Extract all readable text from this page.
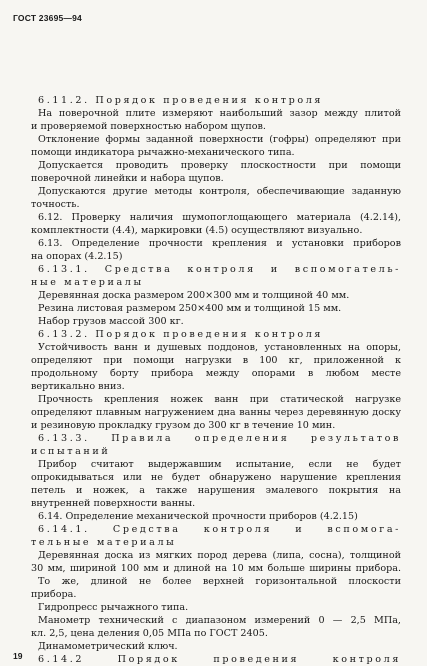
ГОСТ 23695—94
6.11.2. Порядок проведения контроля
На поверочной плите измеряют наибольший зазор между плитой
и проверяемой поверхностью набором щупов.
Отклонение формы заданной поверхности (гофры) определяют при
помощи индикатора рычажно-механического типа.
Допускается проводить проверку плоскостности при помощи
поверочной линейки и набора щупов.
Допускаются другие методы контроля, обеспечивающие заданную
точность.
6.12. Проверку наличия шумопоглощающего материала (4.2.14),
комплектности (4.4), маркировки (4.5) осуществляют визуально.
6.13. Определение прочности крепления и установки приборов
на опорах (4.2.15)
6.13.1. Средства контроля и вспомогатель-
ные материалы
Деревянная доска размером 200×300 мм и толщиной 40 мм.
Резина листовая размером 250×400 мм и толщиной 15 мм.
Набор грузов массой 300 кг.
6.13.2. Порядок проведения контроля
Устойчивость ванн и душевых поддонов, установленных на опоры,
определяют при помощи нагрузки в 100 кг, приложенной к
продольному борту прибора между опорами в любом месте
вертикально вниз.
Прочность крепления ножек ванн при статической нагрузке
определяют плавным нагружением дна ванны через деревянную доску
и резиновую прокладку грузом до 300 кг в течение 10 мин.
6.13.3. Правила определения результатов
испытаний
Прибор считают выдержавшим испытание, если не будет
опрокидываться или не будет обнаружено нарушение крепления
петель и ножек, а также нарушения эмалевого покрытия на
внутренней поверхности ванны.
6.14. Определение механической прочности приборов (4.2.15)
6.14.1. Средства контроля и вспомога-
тельные материалы
Деревянная доска из мягких пород дерева (липа, сосна), толщиной
30 мм, шириной 100 мм и длиной на 10 мм больше ширины прибора.
То же, длиной не более верхней горизонтальной плоскости
прибора.
Гидропресс рычажного типа.
Манометр технический с диапазоном измерений 0 — 2,5 МПа,
кл. 2,5, цена деления 0,05 МПа по ГОСТ 2405.
Динамометрический ключ.
6.14.2 Порядок проведения контроля
19
